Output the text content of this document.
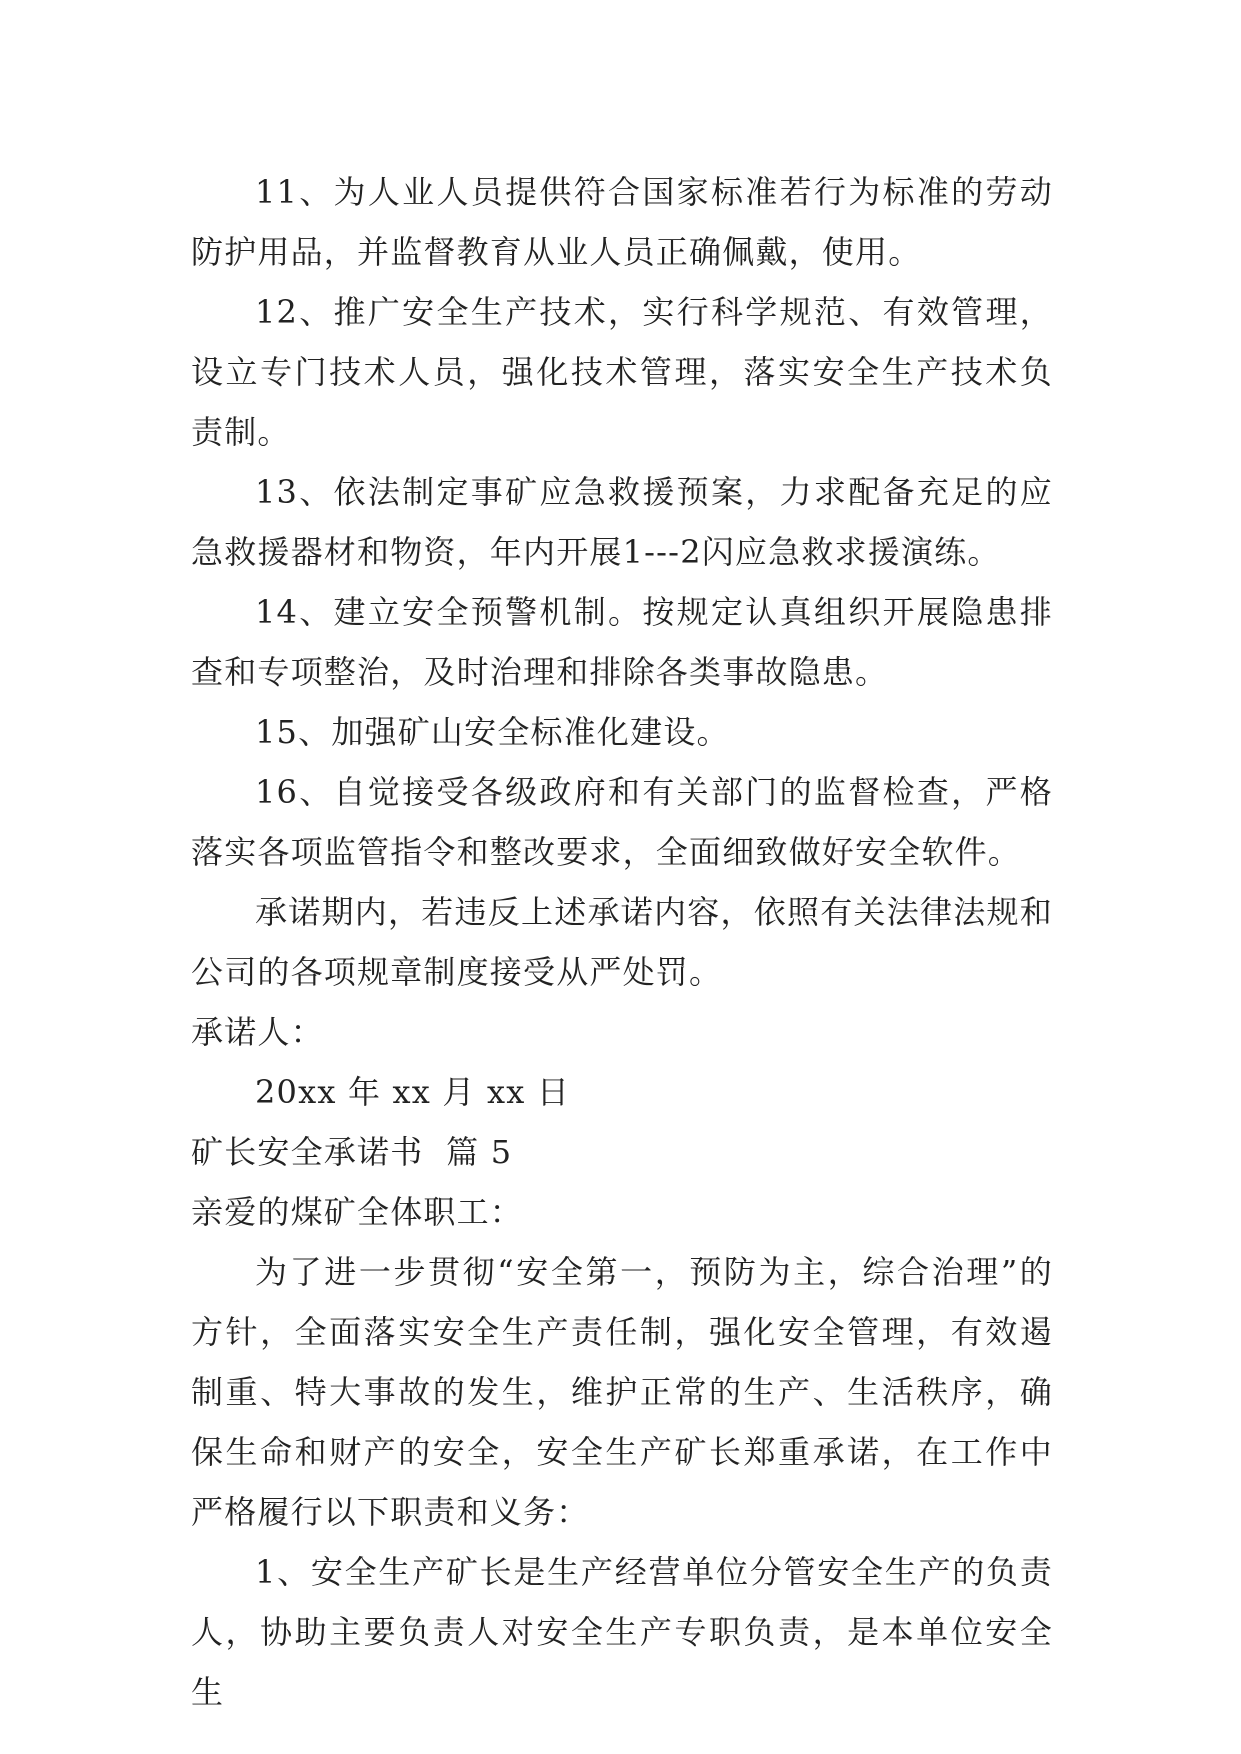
11、为人业人员提供符合国家标准若行为标准的劳动防护用品，并监督教育从业人员正确佩戴，使用。

12、推广安全生产技术，实行科学规范、有效管理，设立专门技术人员，强化技术管理，落实安全生产技术负责制。

13、依法制定事矿应急救援预案，力求配备充足的应急救援器材和物资，年内开展1---2闪应急救求援演练。

14、建立安全预警机制。按规定认真组织开展隐患排查和专项整治，及时治理和排除各类事故隐患。

15、加强矿山安全标准化建设。

16、自觉接受各级政府和有关部门的监督检查，严格落实各项监管指令和整改要求，全面细致做好安全软件。

承诺期内，若违反上述承诺内容，依照有关法律法规和公司的各项规章制度接受从严处罚。

承诺人：

20xx 年 xx 月 xx 日

矿长安全承诺书  篇 5

亲爱的煤矿全体职工：

为了进一步贯彻“安全第一，预防为主，综合治理”的方针，全面落实安全生产责任制，强化安全管理，有效遏制重、特大事故的发生，维护正常的生产、生活秩序，确保生命和财产的安全，安全生产矿长郑重承诺，在工作中严格履行以下职责和义务：

1、安全生产矿长是生产经营单位分管安全生产的负责人，协助主要负责人对安全生产专职负责，是本单位安全生
